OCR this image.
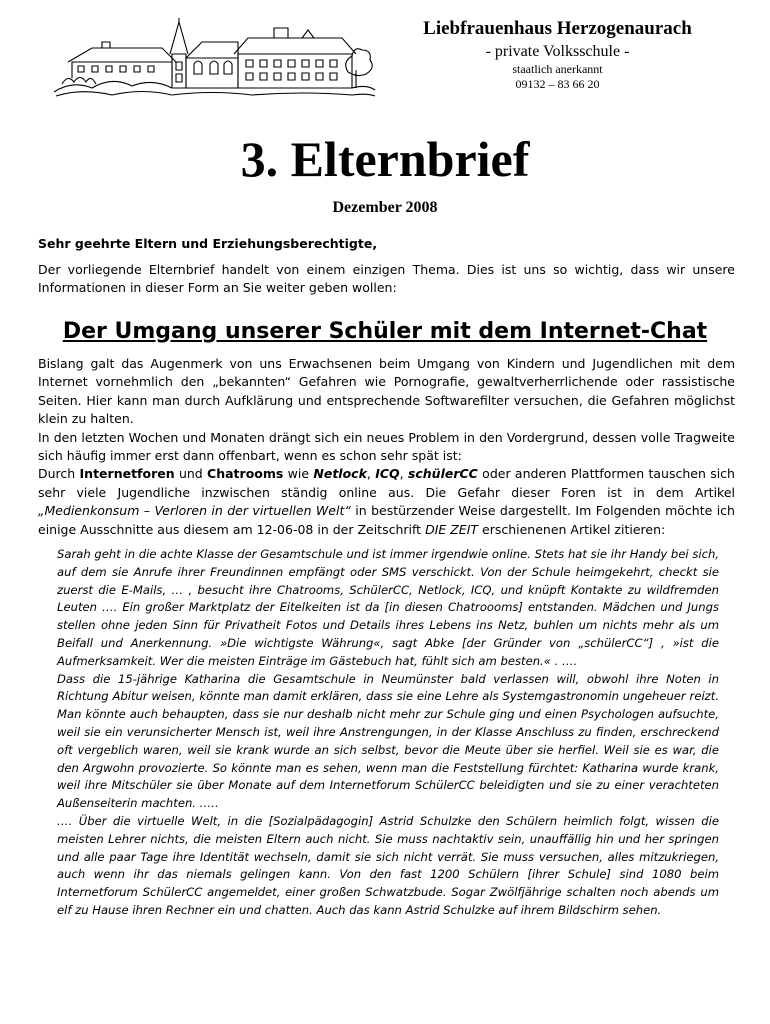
Liebfrauenhaus Herzogenaurach
- private Volksschule -
staatlich anerkannt
09132 – 83 66 20
3. Elternbrief
Dezember 2008
Sehr geehrte Eltern und Erziehungsberechtigte,
Der vorliegende Elternbrief handelt von einem einzigen Thema. Dies ist uns so wichtig, dass wir unsere Informationen in dieser Form an Sie weiter geben wollen:
Der Umgang unserer Schüler mit dem Internet-Chat

Bislang galt das Augenmerk von uns Erwachsenen beim Umgang von Kindern und Jugendlichen mit dem Internet vornehmlich den „bekannten“ Gefahren wie Pornografie, gewaltverherrlichende oder rassistische Seiten. Hier kann man durch Aufklärung und entsprechende Softwarefilter versuchen, die Gefahren möglichst klein zu halten.

In den letzten Wochen und Monaten drängt sich ein neues Problem in den Vordergrund, dessen volle Tragweite sich häufig immer erst dann offenbart, wenn es schon sehr spät ist:

Durch Internetforen und Chatrooms wie Netlock, ICQ, schülerCC oder anderen Plattformen tauschen sich sehr viele Jugendliche inzwischen ständig online aus. Die Gefahr dieser Foren ist in dem Artikel „Medienkonsum – Verloren in der virtuellen Welt“ in bestürzender Weise dargestellt. Im Folgenden möchte ich einige Ausschnitte aus diesem am 12-06-08 in der Zeitschrift DIE ZEIT erschienenen Artikel zitieren:

Sarah geht in die achte Klasse der Gesamtschule und ist immer irgendwie online. Stets hat sie ihr Handy bei sich, auf dem sie Anrufe ihrer Freundinnen empfängt oder SMS verschickt. Von der Schule heimgekehrt, checkt sie zuerst die E-Mails, … , besucht ihre Chatrooms, SchülerCC, Netlock, ICQ, und knüpft Kontakte zu wildfremden Leuten …. Ein großer Marktplatz der Eitelkeiten ist da [in diesen Chatroooms] entstanden. Mädchen und Jungs stellen ohne jeden Sinn für Privatheit Fotos und Details ihres Lebens ins Netz, buhlen um nichts mehr als um Beifall und Anerkennung. »Die wichtigste Währung«, sagt Abke [der Gründer von „schülerCC“] , »ist die Aufmerksamkeit. Wer die meisten Einträge im Gästebuch hat, fühlt sich am besten.« . ….

Dass die 15-jährige Katharina die Gesamtschule in Neumünster bald verlassen will, obwohl ihre Noten in Richtung Abitur weisen, könnte man damit erklären, dass sie eine Lehre als Systemgastronomin ungeheuer reizt. Man könnte auch behaupten, dass sie nur deshalb nicht mehr zur Schule ging und einen Psychologen aufsuchte, weil sie ein verunsicherter Mensch ist, weil ihre Anstrengungen, in der Klasse Anschluss zu finden, erschreckend oft vergeblich waren, weil sie krank wurde an sich selbst, bevor die Meute über sie herfiel. Weil sie es war, die den Argwohn provozierte. So könnte man es sehen, wenn man die Feststellung fürchtet: Katharina wurde krank, weil ihre Mitschüler sie über Monate auf dem Internetforum SchülerCC beleidigten und sie zu einer verachteten Außenseiterin machten. …..

…. Über die virtuelle Welt, in die [Sozialpädagogin] Astrid Schulzke den Schülern heimlich folgt, wissen die meisten Lehrer nichts, die meisten Eltern auch nicht. Sie muss nachtaktiv sein, unauffällig hin und her springen und alle paar Tage ihre Identität wechseln, damit sie sich nicht verrät. Sie muss versuchen, alles mitzukriegen, auch wenn ihr das niemals gelingen kann. Von den fast 1200 Schülern [ihrer Schule] sind 1080 beim Internetforum SchülerCC angemeldet, einer großen Schwatzbude. Sogar Zwölfjährige schalten noch abends um elf zu Hause ihren Rechner ein und chatten. Auch das kann Astrid Schulzke auf ihrem Bildschirm sehen.
